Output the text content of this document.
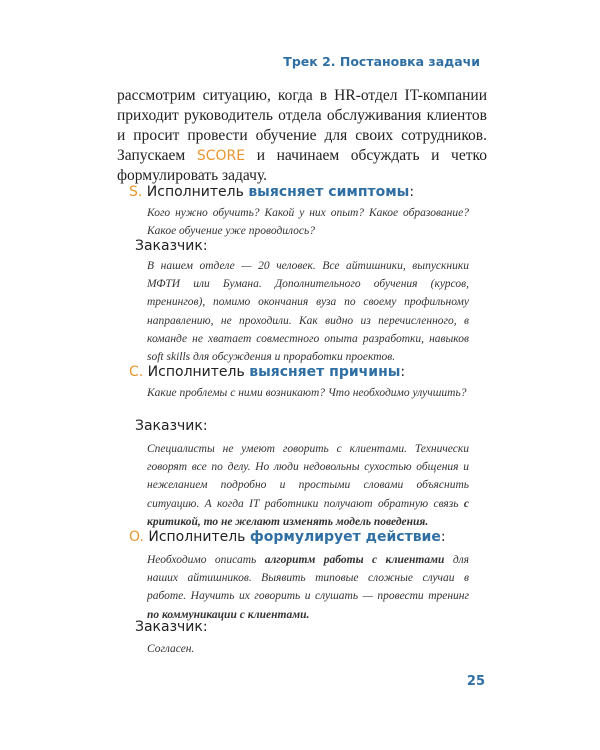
Трек 2. Постановка задачи
рассмотрим ситуацию, когда в HR-отдел IT-компании приходит руководитель отдела обслуживания клиентов и просит провести обучение для своих сотрудников. Запускаем SCORE и начинаем обсуждать и четко формулировать задачу.
S. Исполнитель выясняет симптомы:
Кого нужно обучить? Какой у них опыт? Какое образование? Какое обучение уже проводилось?
Заказчик:
В нашем отделе — 20 человек. Все айтишники, выпускники МФТИ или Бумана. Дополнительного обучения (курсов, тренингов), помимо окончания вуза по своему профильному направлению, не проходили. Как видно из перечисленного, в команде не хватает совместного опыта разработки, навыков soft skills для обсуждения и проработки проектов.
C. Исполнитель выясняет причины:
Какие проблемы с ними возникают? Что необходимо улучшить?
Заказчик:
Специалисты не умеют говорить с клиентами. Технически говорят все по делу. Но люди недовольны сухостью общения и нежеланием подробно и простыми словами объяснить ситуацию. А когда IT работники получают обратную связь с критикой, то не желают изменять модель поведения.
O. Исполнитель формулирует действие:
Необходимо описать алгоритм работы с клиентами для наших айтишников. Выявить типовые сложные случаи в работе. Научить их говорить и слушать — провести тренинг по коммуникации с клиентами.
Заказчик:
Согласен.
25
